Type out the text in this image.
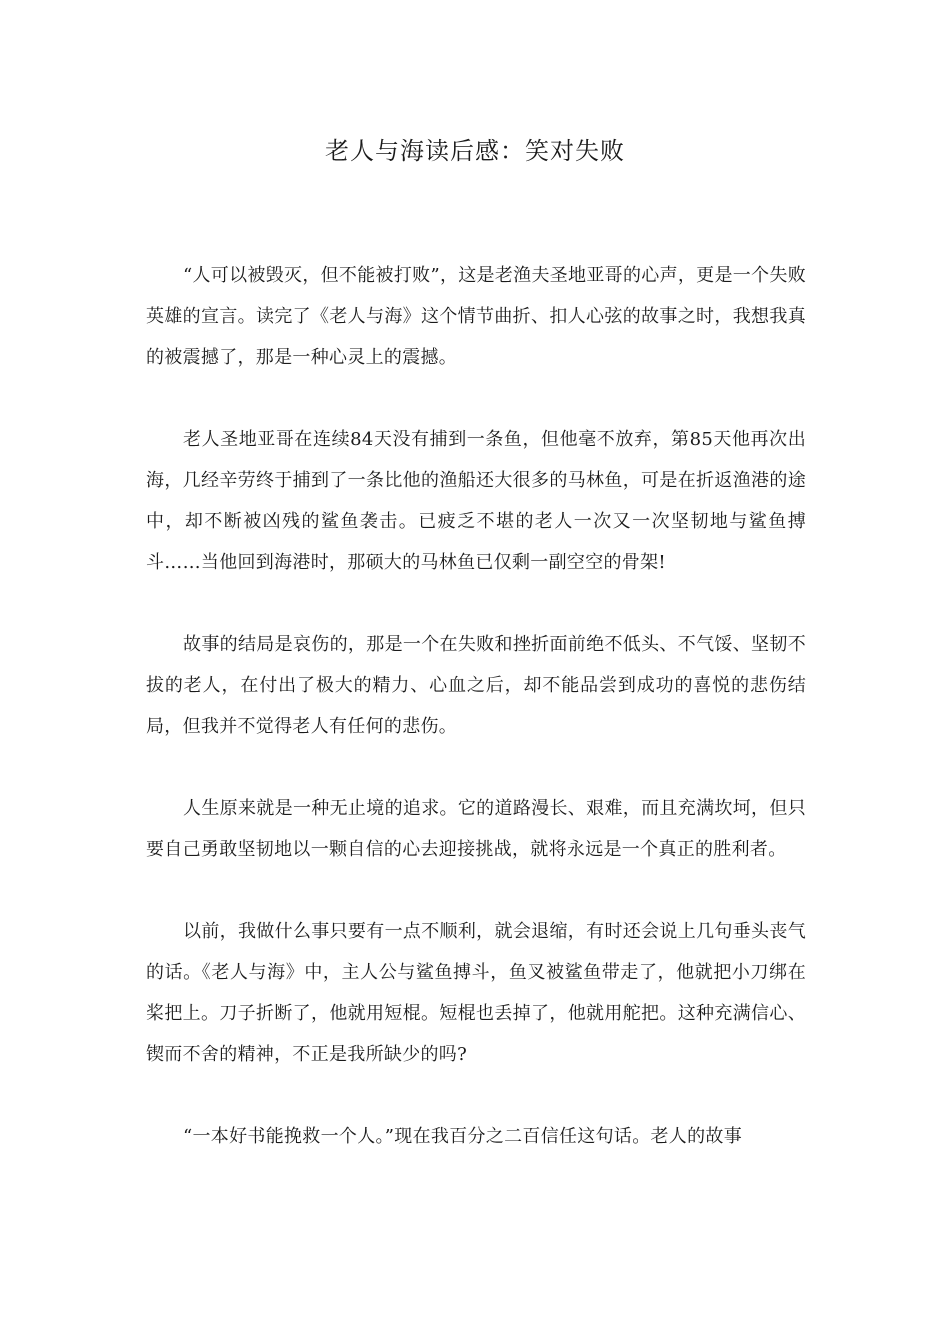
老人与海读后感：笑对失败

“人可以被毁灭，但不能被打败”，这是老渔夫圣地亚哥的心声，更是一个失败英雄的宣言。读完了《老人与海》这个情节曲折、扣人心弦的故事之时，我想我真的被震撼了，那是一种心灵上的震撼。

老人圣地亚哥在连续84天没有捕到一条鱼，但他毫不放弃，第85天他再次出海，几经辛劳终于捕到了一条比他的渔船还大很多的马林鱼，可是在折返渔港的途中，却不断被凶残的鲨鱼袭击。已疲乏不堪的老人一次又一次坚韧地与鲨鱼搏斗……当他回到海港时，那硕大的马林鱼已仅剩一副空空的骨架!

故事的结局是哀伤的，那是一个在失败和挫折面前绝不低头、不气馁、坚韧不拔的老人，在付出了极大的精力、心血之后，却不能品尝到成功的喜悦的悲伤结局，但我并不觉得老人有任何的悲伤。

人生原来就是一种无止境的追求。它的道路漫长、艰难，而且充满坎坷，但只要自己勇敢坚韧地以一颗自信的心去迎接挑战，就将永远是一个真正的胜利者。

以前，我做什么事只要有一点不顺利，就会退缩，有时还会说上几句垂头丧气的话。《老人与海》中，主人公与鲨鱼搏斗，鱼叉被鲨鱼带走了，他就把小刀绑在桨把上。刀子折断了，他就用短棍。短棍也丢掉了，他就用舵把。这种充满信心、锲而不舍的精神，不正是我所缺少的吗?

“一本好书能挽救一个人。”现在我百分之二百信任这句话。老人的故事
